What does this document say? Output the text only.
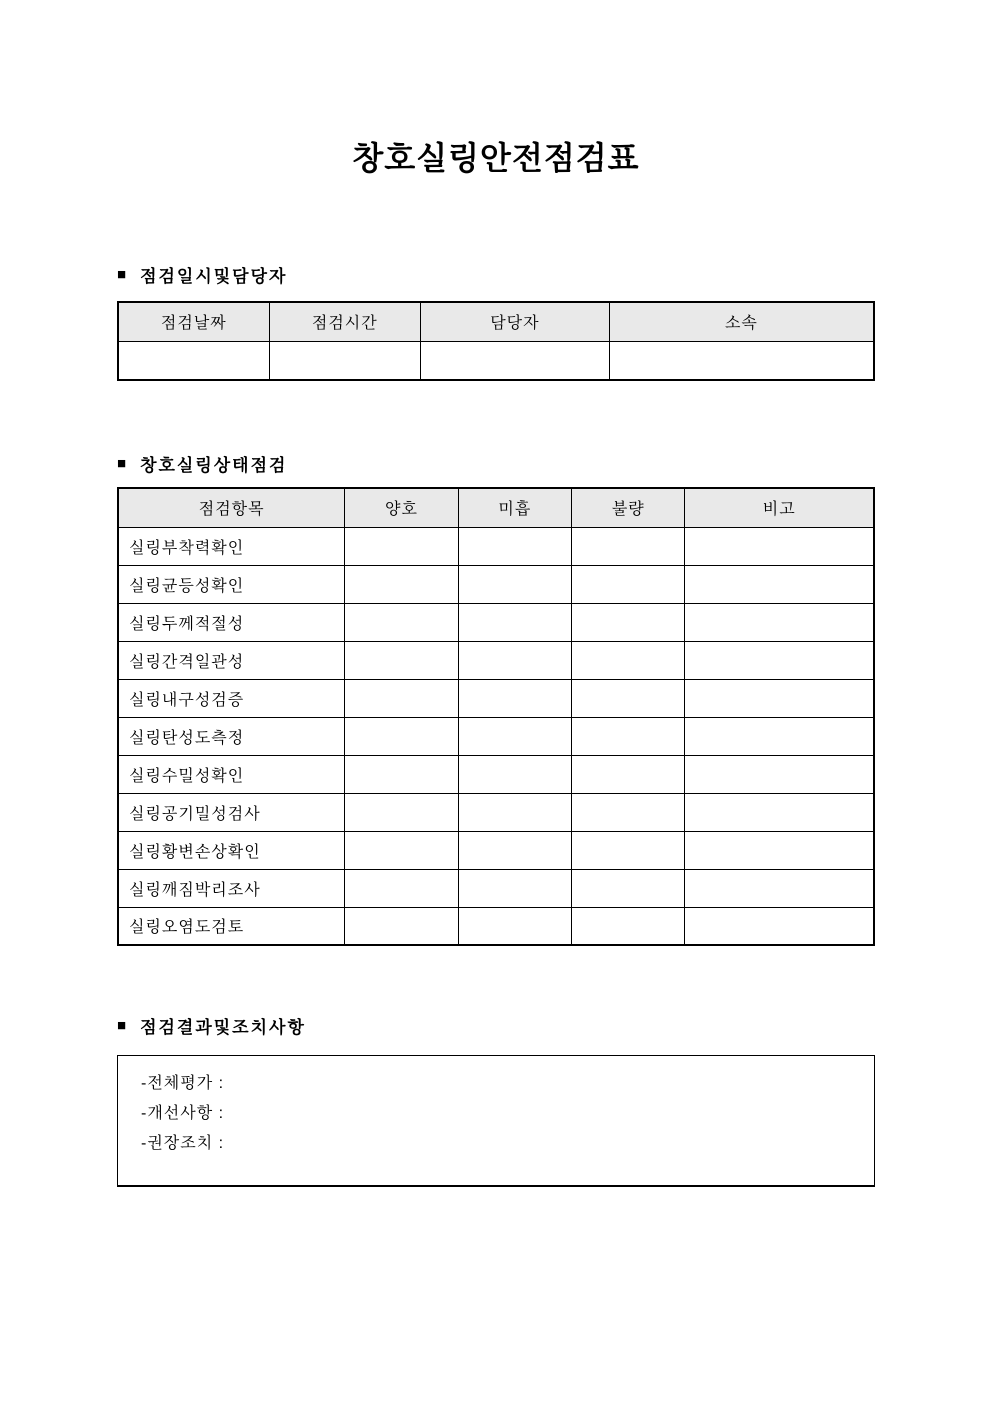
창호실링안전점검표
■ 점검일시및담당자
점검날짜	점검시간	담당자	소속

■ 창호실링상태점검
점검항목	양호	미흡	불량	비고
실링부착력확인				
실링균등성확인				
실링두께적절성				
실링간격일관성				
실링내구성검증				
실링탄성도측정				
실링수밀성확인				
실링공기밀성검사				
실링황변손상확인				
실링깨짐박리조사				
실링오염도검토				
■ 점검결과및조치사항
-전체평가 :
-개선사항 :
-권장조치 :
